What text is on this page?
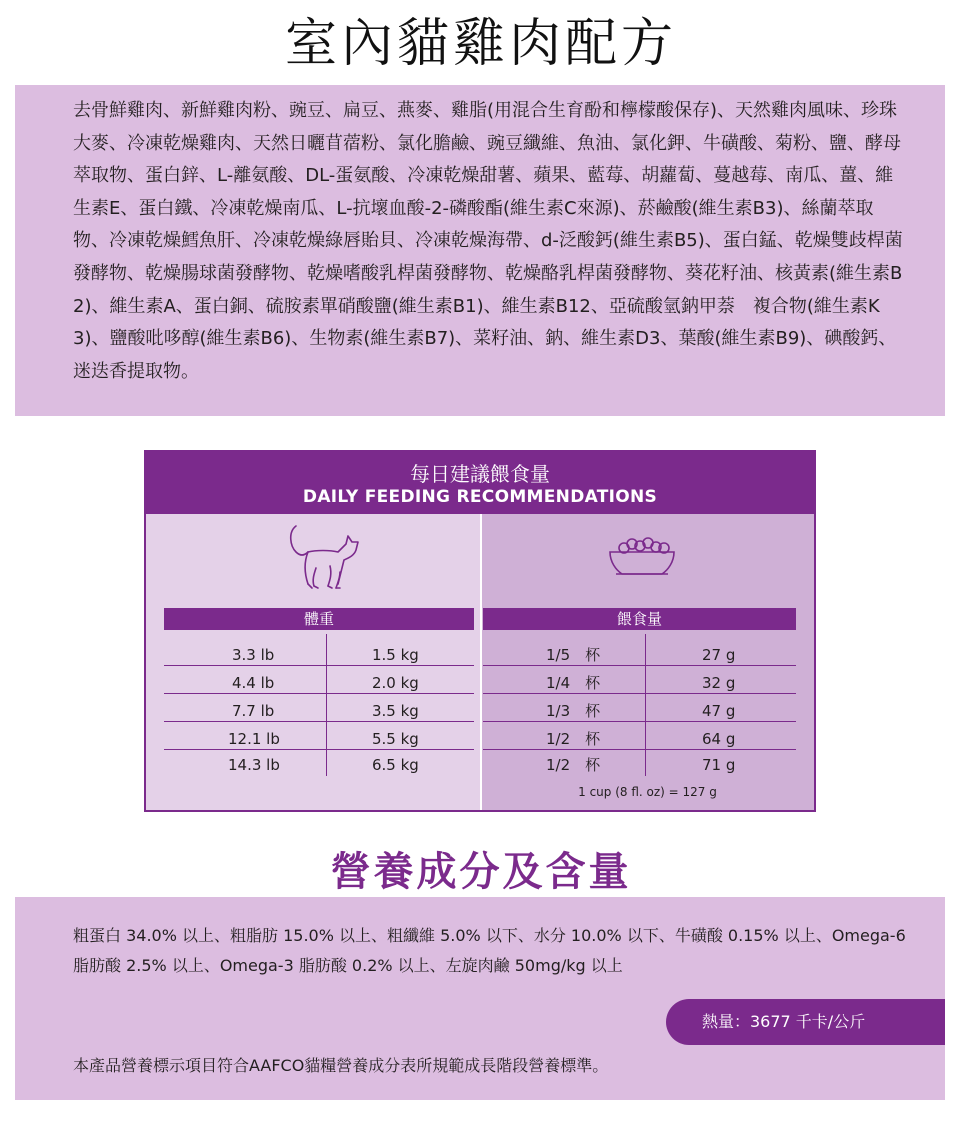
室內貓雞肉配方
去骨鮮雞肉、新鮮雞肉粉、豌豆、扁豆、燕麥、雞脂(用混合生育酚和檸檬酸保存)、天然雞肉風味、珍珠大麥、冷凍乾燥雞肉、天然日曬苜蓿粉、氯化膽鹼、豌豆纖維、魚油、氯化鉀、牛磺酸、菊粉、鹽、酵母萃取物、蛋白鋅、L-離氨酸、DL-蛋氨酸、冷凍乾燥甜薯、蘋果、藍莓、胡蘿蔔、蔓越莓、南瓜、薑、維生素E、蛋白鐵、冷凍乾燥南瓜、L-抗壞血酸-2-磷酸酯(維生素C來源)、菸鹼酸(維生素B3)、絲蘭萃取物、冷凍乾燥鱈魚肝、冷凍乾燥綠唇貽貝、冷凍乾燥海帶、d-泛酸鈣(維生素B5)、蛋白錳、乾燥雙歧桿菌發酵物、乾燥腸球菌發酵物、乾燥嗜酸乳桿菌發酵物、乾燥酪乳桿菌發酵物、葵花籽油、核黃素(維生素B2)、維生素A、蛋白銅、硫胺素單硝酸鹽(維生素B1)、維生素B12、亞硫酸氫鈉甲萘　複合物(維生素K3)、鹽酸吡哆醇(維生素B6)、生物素(維生素B7)、菜籽油、鈉、維生素D3、葉酸(維生素B9)、碘酸鈣、迷迭香提取物。
每日建議餵食量
DAILY FEEDING RECOMMENDATIONS
體重	餵食量
3.3 lb	1.5 kg	1/5　杯	27 g
4.4 lb	2.0 kg	1/4　杯	32 g
7.7 lb	3.5 kg	1/3　杯	47 g
12.1 lb	5.5 kg	1/2　杯	64 g
14.3 lb	6.5 kg	1/2　杯	71 g
1 cup (8 fl. oz) = 127 g
營養成分及含量
粗蛋白 34.0% 以上、粗脂肪 15.0% 以上、粗纖維 5.0% 以下、水分 10.0% 以下、牛磺酸 0.15% 以上、Omega-6 脂肪酸 2.5% 以上、Omega-3 脂肪酸 0.2% 以上、左旋肉鹼 50mg/kg 以上
熱量：3677 千卡/公斤
本產品營養標示項目符合AAFCO貓糧營養成分表所規範成長階段營養標準。
